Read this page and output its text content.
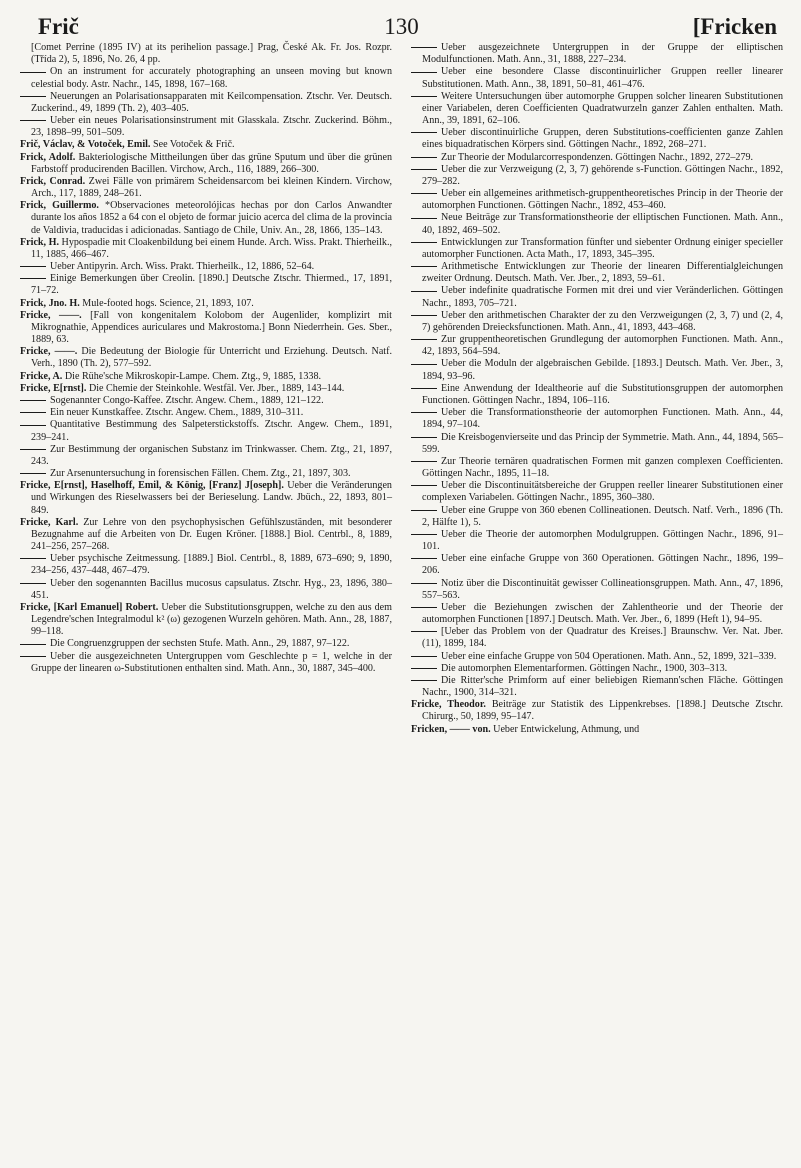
Frič	130	[Fricken

[Comet Perrine (1895 IV) at its perihelion passage.] Prag, České Ak. Fr. Jos. Rozpr. (Třída 2), 5, 1896, No. 26, 4 pp.

On an instrument for accurately photographing an unseen moving but known celestial body. Astr. Nachr., 145, 1898, 167–168.

Neuerungen an Polarisationsapparaten mit Keilcompensation. Ztschr. Ver. Deutsch. Zuckerind., 49, 1899 (Th. 2), 403–405.

Ueber ein neues Polarisationsinstrument mit Glasskala. Ztschr. Zuckerind. Böhm., 23, 1898–99, 501–509.

Frič, Václav, & Votoček, Emil. See Votoček & Frič.

Frick, Adolf. Bakteriologische Mittheilungen über das grüne Sputum und über die grünen Farbstoff producirenden Bacillen. Virchow, Arch., 116, 1889, 266–300.

Frick, Conrad. Zwei Fälle von primärem Scheidensarcom bei kleinen Kindern. Virchow, Arch., 117, 1889, 248–261.

Frick, Guillermo. *Observaciones meteorolójicas hechas por don Carlos Anwandter durante los años 1852 a 64 con el objeto de formar juicio acerca del clima de la provincia de Valdivia, traducidas i adicionadas. Santiago de Chile, Univ. An., 28, 1866, 135–143.

Frick, H. Hypospadie mit Cloakenbildung bei einem Hunde. Arch. Wiss. Prakt. Thierheilk., 11, 1885, 466–467.

Ueber Antipyrin. Arch. Wiss. Prakt. Thierheilk., 12, 1886, 52–64.

Einige Bemerkungen über Creolin. [1890.] Deutsche Ztschr. Thiermed., 17, 1891, 71–72.

Frick, Jno. H. Mule-footed hogs. Science, 21, 1893, 107.

Fricke, ——. [Fall von kongenitalem Kolobom der Augenlider, komplizirt mit Mikrognathie, Appendices auriculares und Makrostoma.] Bonn Niederrhein. Ges. Sber., 1889, 63.

Fricke, ——. Die Bedeutung der Biologie für Unterricht und Erziehung. Deutsch. Natf. Verh., 1890 (Th. 2), 577–592.

Fricke, A. Die Rühe'sche Mikroskopir-Lampe. Chem. Ztg., 9, 1885, 1338.

Fricke, E[rnst]. Die Chemie der Steinkohle. Westfäl. Ver. Jber., 1889, 143–144.

Sogenannter Congo-Kaffee. Ztschr. Angew. Chem., 1889, 121–122.

Ein neuer Kunstkaffee. Ztschr. Angew. Chem., 1889, 310–311.

Quantitative Bestimmung des Salpeterstickstoffs. Ztschr. Angew. Chem., 1891, 239–241.

Zur Bestimmung der organischen Substanz im Trinkwasser. Chem. Ztg., 21, 1897, 243.

Zur Arsenuntersuchung in forensischen Fällen. Chem. Ztg., 21, 1897, 303.

Fricke, E[rnst], Haselhoff, Emil, & König, [Franz] J[oseph]. Ueber die Veränderungen und Wirkungen des Rieselwassers bei der Berieselung. Landw. Jbüch., 22, 1893, 801–849.

Fricke, Karl. Zur Lehre von den psychophysischen Gefühlszuständen, mit besonderer Bezugnahme auf die Arbeiten von Dr. Eugen Kröner. [1888.] Biol. Centrbl., 8, 1889, 241–256, 257–268.

Ueber psychische Zeitmessung. [1889.] Biol. Centrbl., 8, 1889, 673–690; 9, 1890, 234–256, 437–448, 467–479.

Ueber den sogenannten Bacillus mucosus capsulatus. Ztschr. Hyg., 23, 1896, 380–451.

Fricke, [Karl Emanuel] Robert. Ueber die Substitutionsgruppen, welche zu den aus dem Legendre'schen Integralmodul k² (ω) gezogenen Wurzeln gehören. Math. Ann., 28, 1887, 99–118.

Die Congruenzgruppen der sechsten Stufe. Math. Ann., 29, 1887, 97–122.

Ueber die ausgezeichneten Untergruppen vom Geschlechte p = 1, welche in der Gruppe der linearen ω-Substitutionen enthalten sind. Math. Ann., 30, 1887, 345–400.

Ueber ausgezeichnete Untergruppen in der Gruppe der elliptischen Modulfunctionen. Math. Ann., 31, 1888, 227–234.

Ueber eine besondere Classe discontinuirlicher Gruppen reeller linearer Substitutionen. Math. Ann., 38, 1891, 50–81, 461–476.

Weitere Untersuchungen über automorphe Gruppen solcher linearen Substitutionen einer Variabelen, deren Coefficienten Quadratwurzeln ganzer Zahlen enthalten. Math. Ann., 39, 1891, 62–106.

Ueber discontinuirliche Gruppen, deren Substitutions-coefficienten ganze Zahlen eines biquadratischen Körpers sind. Göttingen Nachr., 1892, 268–271.

Zur Theorie der Modularcorrespondenzen. Göttingen Nachr., 1892, 272–279.

Ueber die zur Verzweigung (2, 3, 7) gehörende s-Function. Göttingen Nachr., 1892, 279–282.

Ueber ein allgemeines arithmetisch-gruppentheoretisches Princip in der Theorie der automorphen Functionen. Göttingen Nachr., 1892, 453–460.

Neue Beiträge zur Transformationstheorie der elliptischen Functionen. Math. Ann., 40, 1892, 469–502.

Entwicklungen zur Transformation fünfter und siebenter Ordnung einiger specieller automorpher Functionen. Acta Math., 17, 1893, 345–395.

Arithmetische Entwicklungen zur Theorie der linearen Differentialgleichungen zweiter Ordnung. Deutsch. Math. Ver. Jber., 2, 1893, 59–61.

Ueber indefinite quadratische Formen mit drei und vier Veränderlichen. Göttingen Nachr., 1893, 705–721.

Ueber den arithmetischen Charakter der zu den Verzweigungen (2, 3, 7) und (2, 4, 7) gehörenden Dreiecksfunctionen. Math. Ann., 41, 1893, 443–468.

Zur gruppentheoretischen Grundlegung der automorphen Functionen. Math. Ann., 42, 1893, 564–594.

Ueber die Moduln der algebraischen Gebilde. [1893.] Deutsch. Math. Ver. Jber., 3, 1894, 93–96.

Eine Anwendung der Idealtheorie auf die Substitutionsgruppen der automorphen Functionen. Göttingen Nachr., 1894, 106–116.

Ueber die Transformationstheorie der automorphen Functionen. Math. Ann., 44, 1894, 97–104.

Die Kreisbogenvierseite und das Princip der Symmetrie. Math. Ann., 44, 1894, 565–599.

Zur Theorie ternären quadratischen Formen mit ganzen complexen Coefficienten. Göttingen Nachr., 1895, 11–18.

Ueber die Discontinuitätsbereiche der Gruppen reeller linearer Substitutionen einer complexen Variabelen. Göttingen Nachr., 1895, 360–380.

Ueber eine Gruppe von 360 ebenen Collineationen. Deutsch. Natf. Verh., 1896 (Th. 2, Hälfte 1), 5.

Ueber die Theorie der automorphen Modulgruppen. Göttingen Nachr., 1896, 91–101.

Ueber eine einfache Gruppe von 360 Operationen. Göttingen Nachr., 1896, 199–206.

Notiz über die Discontinuität gewisser Collineationsgruppen. Math. Ann., 47, 1896, 557–563.

Ueber die Beziehungen zwischen der Zahlentheorie und der Theorie der automorphen Functionen [1897.] Deutsch. Math. Ver. Jber., 6, 1899 (Heft 1), 94–95.

[Ueber das Problem von der Quadratur des Kreises.] Braunschw. Ver. Nat. Jber. (11), 1899, 184.

Ueber eine einfache Gruppe von 504 Operationen. Math. Ann., 52, 1899, 321–339.

Die automorphen Elementarformen. Göttingen Nachr., 1900, 303–313.

Die Ritter'sche Primform auf einer beliebigen Riemann'schen Fläche. Göttingen Nachr., 1900, 314–321.

Fricke, Theodor. Beiträge zur Statistik des Lippenkrebses. [1898.] Deutsche Ztschr. Chirurg., 50, 1899, 95–147.

Fricken, —— von. Ueber Entwickelung, Athmung, und
